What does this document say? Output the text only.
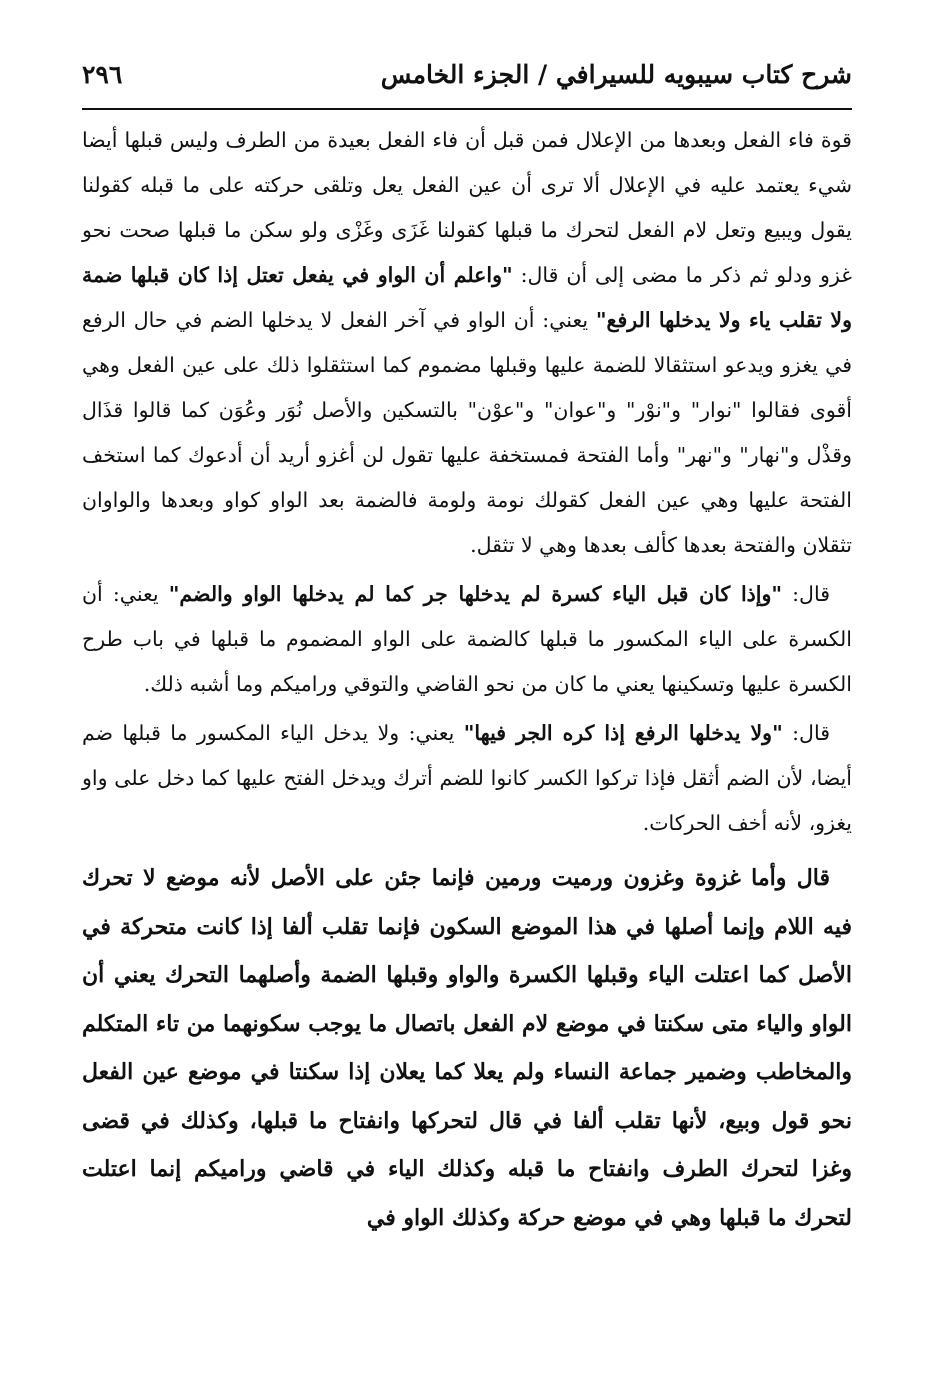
شرح كتاب سيبويه للسيرافي / الجزء الخامس
٢٩٦

قوة فاء الفعل وبعدها من الإعلال فمن قبل أن فاء الفعل بعيدة من الطرف وليس قبلها أيضا شيء يعتمد عليه في الإعلال ألا ترى أن عين الفعل يعل وتلقى حركته على ما قبله كقولنا يقول ويبيع وتعل لام الفعل لتحرك ما قبلها كقولنا غَزَى وغَزْى ولو سكن ما قبلها صحت نحو غزو ودلو ثم ذكر ما مضى إلى أن قال: "واعلم أن الواو في يفعل تعتل إذا كان قبلها ضمة ولا تقلب ياء ولا يدخلها الرفع" يعني: أن الواو في آخر الفعل لا يدخلها الضم في حال الرفع في يغزو ويدعو استثقالا للضمة عليها وقبلها مضموم كما استثقلوا ذلك على عين الفعل وهي أقوى فقالوا "نوار" و"نوْر" و"عوان" و"عوْن" بالتسكين والأصل نُوَر وعُوَن كما قالوا قذَال وقذْل و"نهار" و"نهر" وأما الفتحة فمستخفة عليها تقول لن أغزو أريد أن أدعوك كما استخف الفتحة عليها وهي عين الفعل كقولك نومة ولومة فالضمة بعد الواو كواو وبعدها والواوان تثقلان والفتحة بعدها كألف بعدها وهي لا تثقل.

قال: "وإذا كان قبل الياء كسرة لم يدخلها جر كما لم يدخلها الواو والضم" يعني: أن الكسرة على الياء المكسور ما قبلها كالضمة على الواو المضموم ما قبلها في باب طرح الكسرة عليها وتسكينها يعني ما كان من نحو القاضي والتوقي وراميكم وما أشبه ذلك.

قال: "ولا يدخلها الرفع إذا كره الجر فيها" يعني: ولا يدخل الياء المكسور ما قبلها ضم أيضا، لأن الضم أثقل فإذا تركوا الكسر كانوا للضم أترك ويدخل الفتح عليها كما دخل على واو يغزو، لأنه أخف الحركات.

قال وأما غزوة وغزون ورميت ورمين فإنما جئن على الأصل لأنه موضع لا تحرك فيه اللام وإنما أصلها في هذا الموضع السكون فإنما تقلب ألفا إذا كانت متحركة في الأصل كما اعتلت الياء وقبلها الكسرة والواو وقبلها الضمة وأصلهما التحرك يعني أن الواو والياء متى سكنتا في موضع لام الفعل باتصال ما يوجب سكونهما من تاء المتكلم والمخاطب وضمير جماعة النساء ولم يعلا كما يعلان إذا سكنتا في موضع عين الفعل نحو قول وبيع، لأنها تقلب ألفا في قال لتحركها وانفتاح ما قبلها، وكذلك في قضى وغزا لتحرك الطرف وانفتاح ما قبله وكذلك الياء في قاضي وراميكم إنما اعتلت لتحرك ما قبلها وهي في موضع حركة وكذلك الواو في
